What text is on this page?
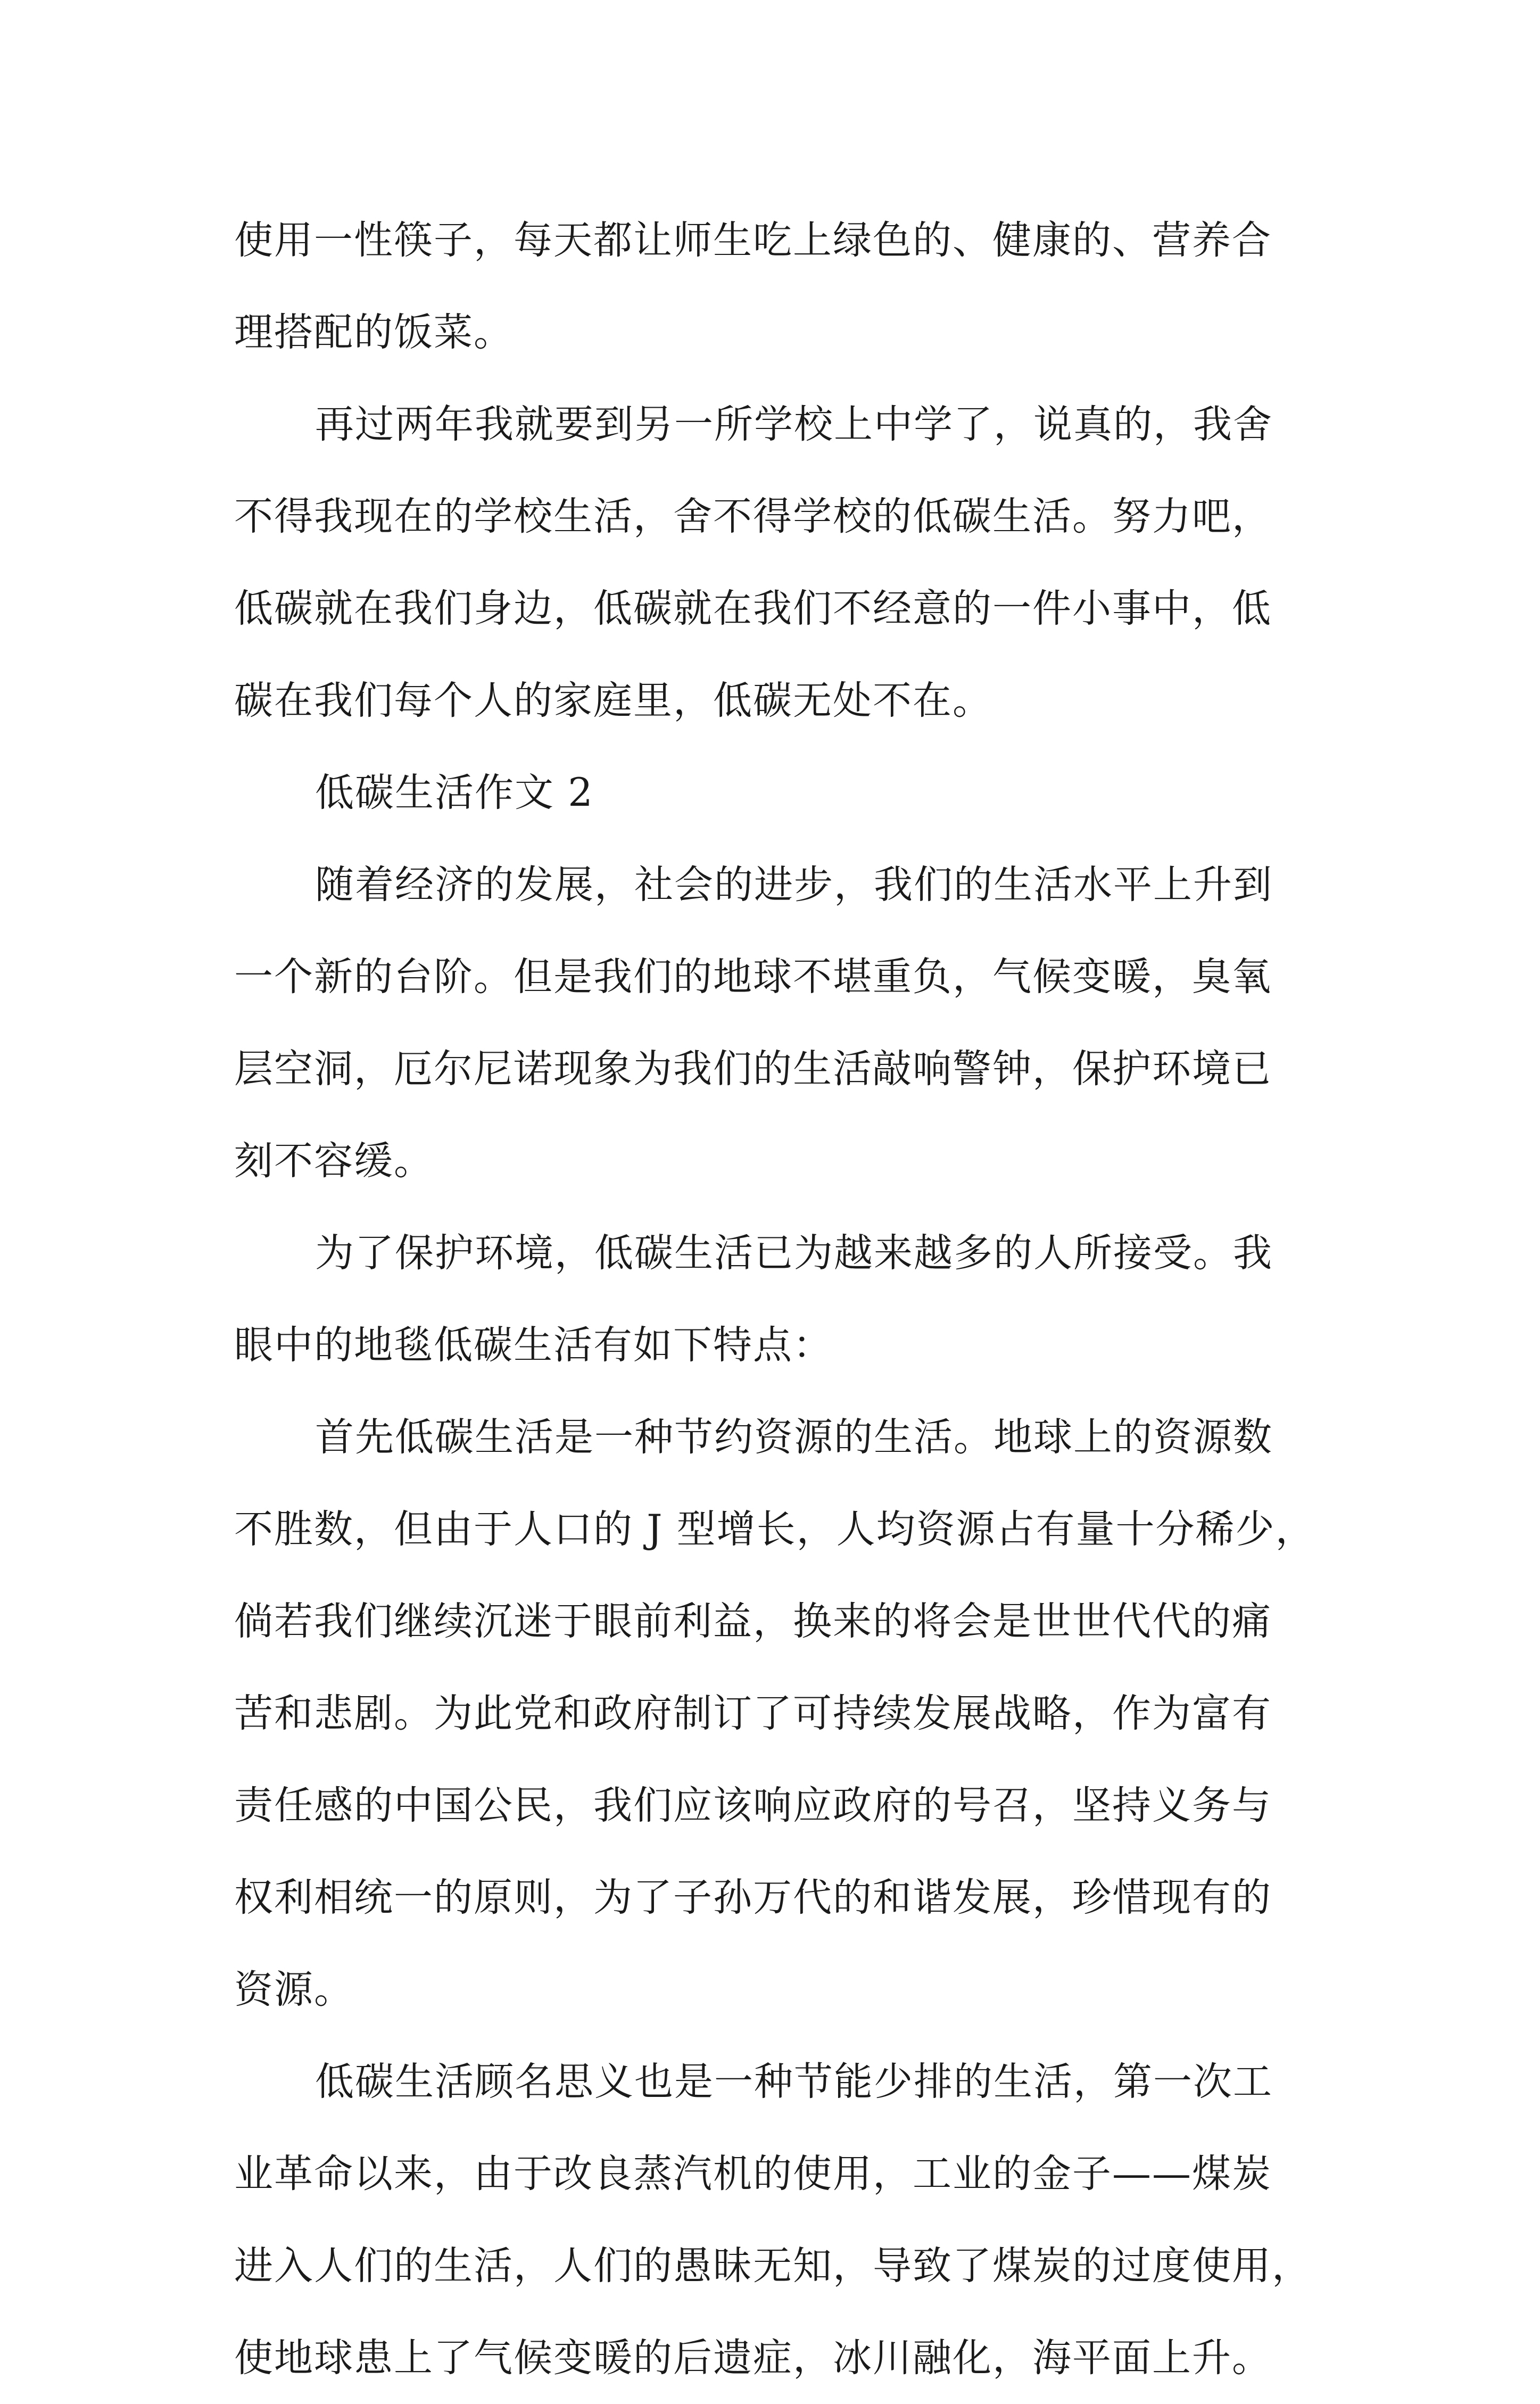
使用一性筷子，每天都让师生吃上绿色的、健康的、营养合
理搭配的饭菜。
再过两年我就要到另一所学校上中学了，说真的，我舍
不得我现在的学校生活，舍不得学校的低碳生活。努力吧，
低碳就在我们身边，低碳就在我们不经意的一件小事中，低
碳在我们每个人的家庭里，低碳无处不在。
低碳生活作文 2
随着经济的发展，社会的进步，我们的生活水平上升到
一个新的台阶。但是我们的地球不堪重负，气候变暖，臭氧
层空洞，厄尔尼诺现象为我们的生活敲响警钟，保护环境已
刻不容缓。
为了保护环境，低碳生活已为越来越多的人所接受。我
眼中的地毯低碳生活有如下特点：
首先低碳生活是一种节约资源的生活。地球上的资源数
不胜数，但由于人口的 J 型增长，人均资源占有量十分稀少，
倘若我们继续沉迷于眼前利益，换来的将会是世世代代的痛
苦和悲剧。为此党和政府制订了可持续发展战略，作为富有
责任感的中国公民，我们应该响应政府的号召，坚持义务与
权利相统一的原则，为了子孙万代的和谐发展，珍惜现有的
资源。
低碳生活顾名思义也是一种节能少排的生活，第一次工
业革命以来，由于改良蒸汽机的使用，工业的金子——煤炭
进入人们的生活，人们的愚昧无知，导致了煤炭的过度使用，
使地球患上了气候变暖的后遗症，冰川融化，海平面上升。
